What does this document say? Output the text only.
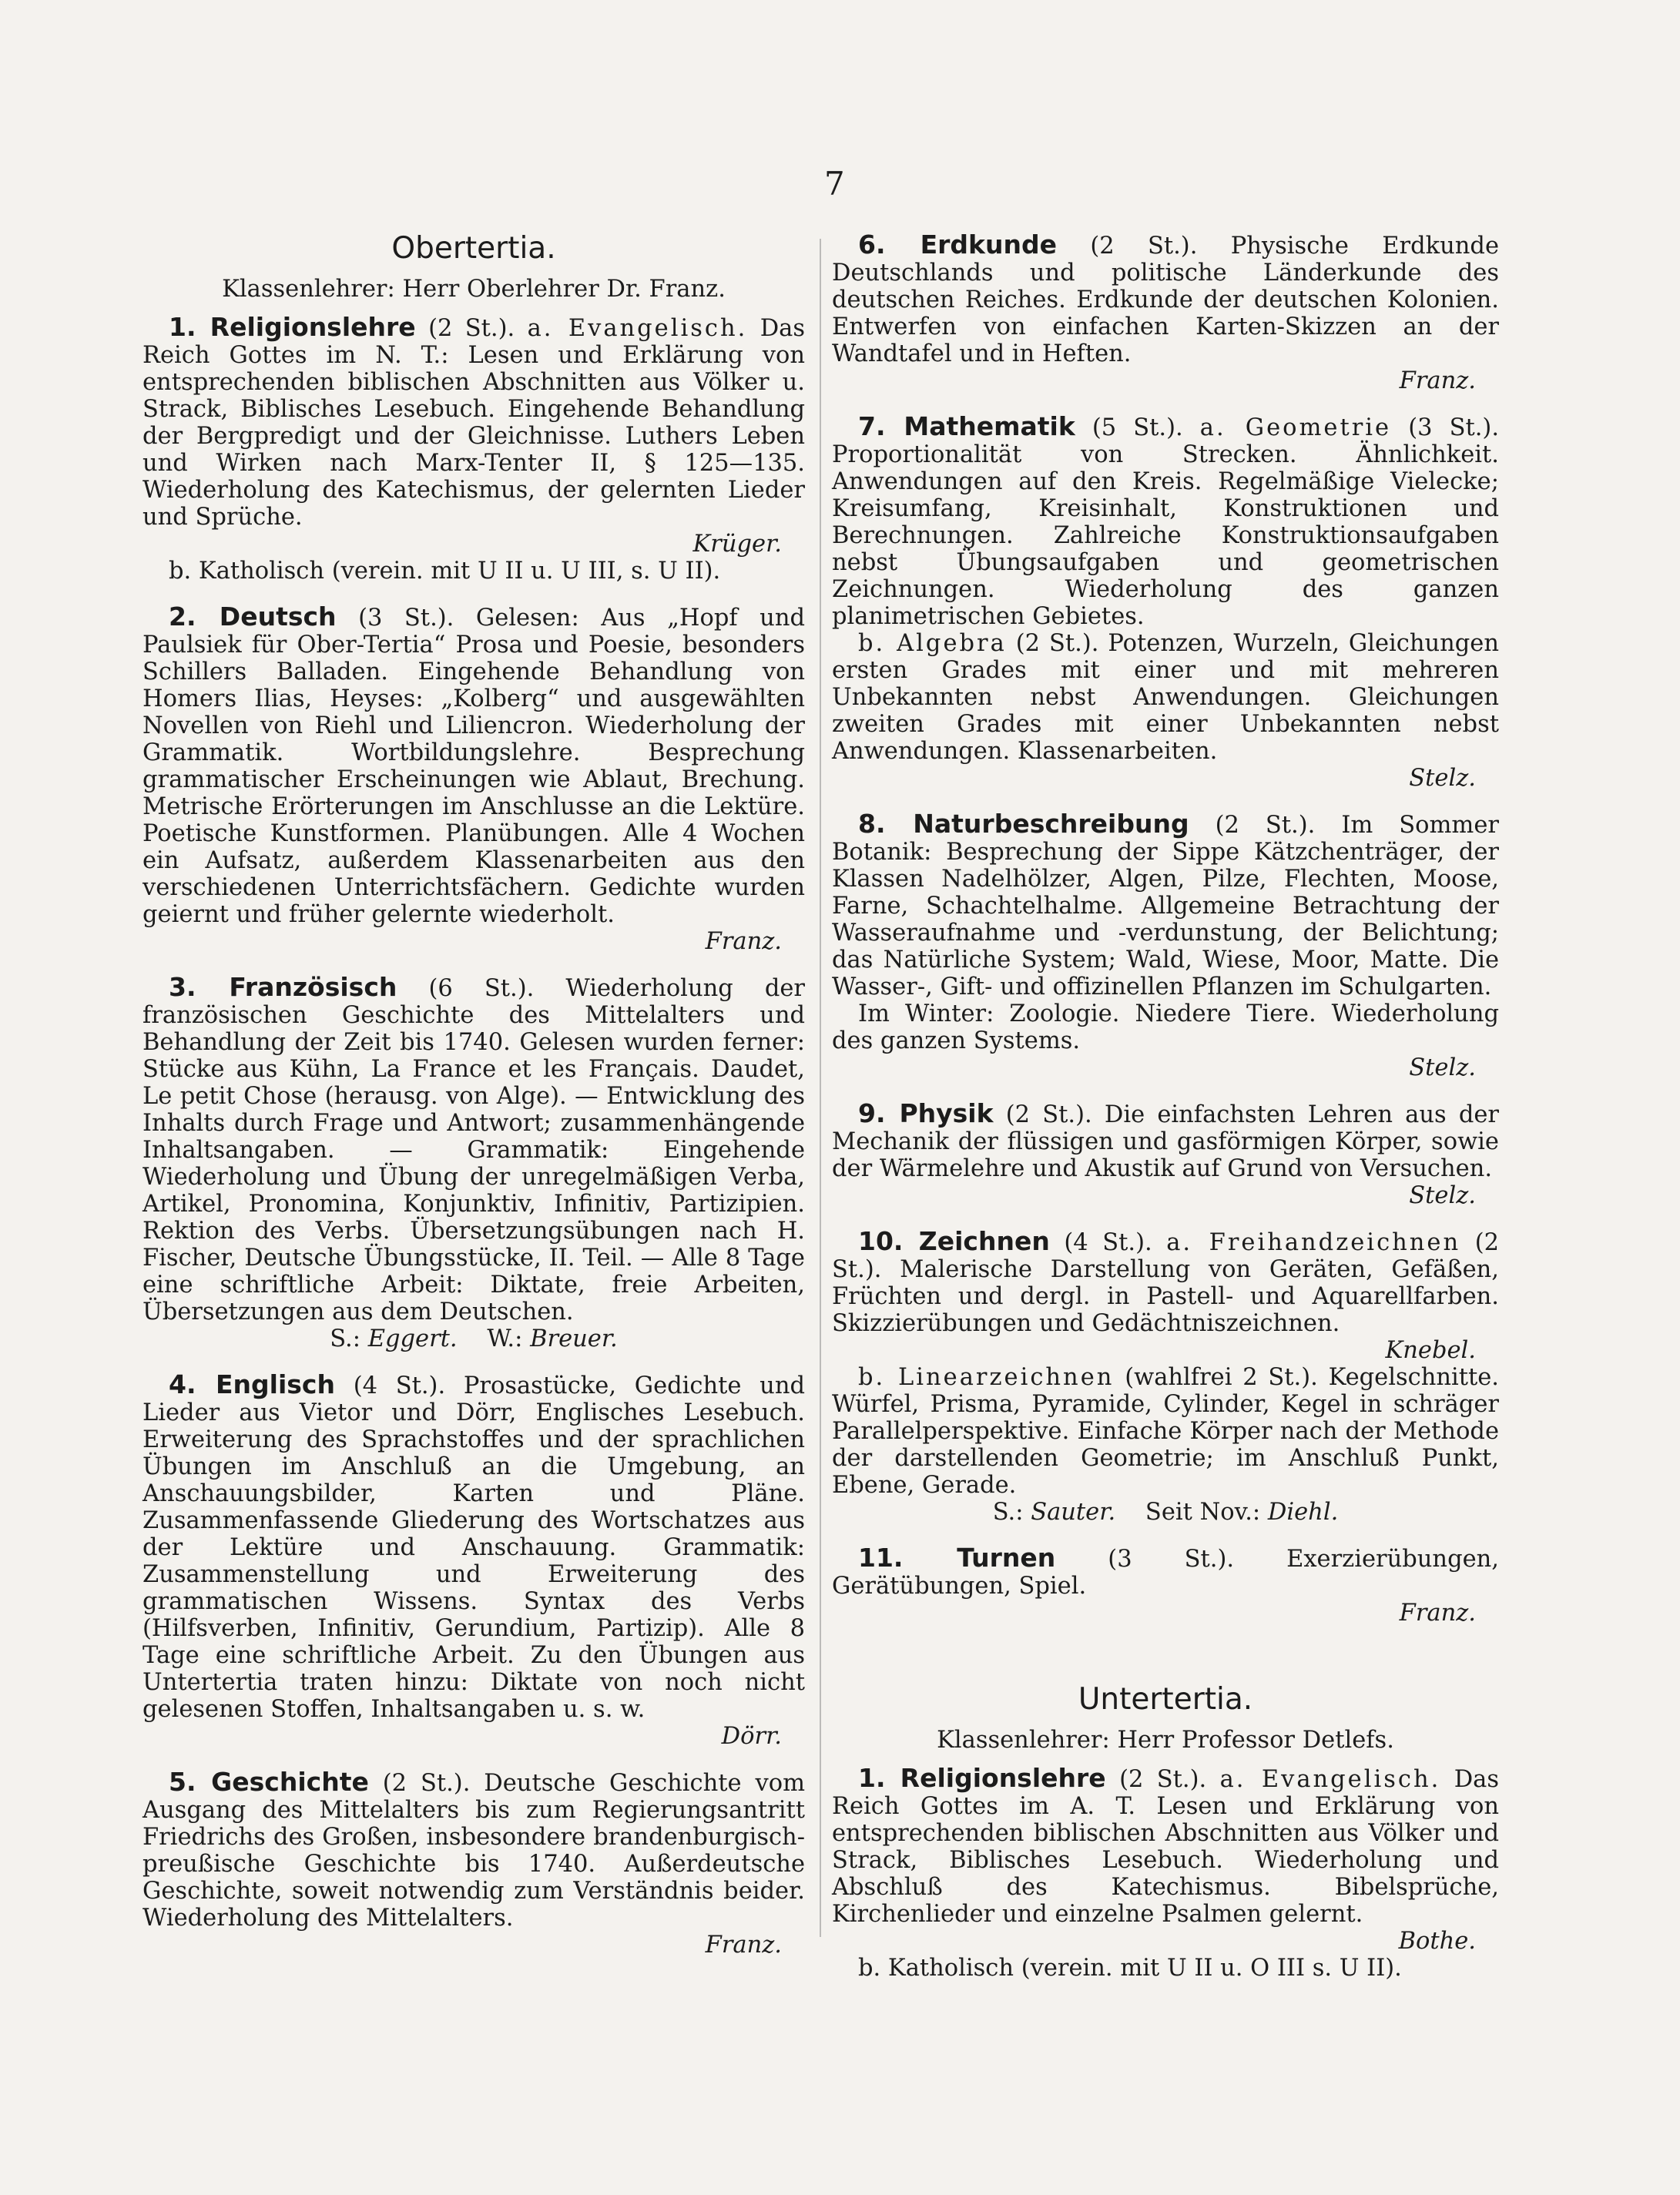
7
Obertertia.
Klassenlehrer: Herr Oberlehrer Dr. Franz.

1. Religionslehre (2 St.). a. Evangelisch. Das Reich Gottes im N. T.: Lesen und Erklärung von entsprechenden biblischen Abschnitten aus Völker u. Strack, Biblisches Lesebuch. Eingehende Behandlung der Bergpredigt und der Gleichnisse. Luthers Leben und Wirken nach Marx-Tenter II, § 125—135. Wiederholung des Katechismus, der gelernten Lieder und Sprüche.
Krüger.

b. Katholisch (verein. mit U II u. U III, s. U II).

2. Deutsch (3 St.). Gelesen: Aus „Hopf und Paulsiek für Ober-Tertia“ Prosa und Poesie, besonders Schillers Balladen. Eingehende Behandlung von Homers Ilias, Heyses: „Kolberg“ und ausgewählten Novellen von Riehl und Liliencron. Wiederholung der Grammatik. Wortbildungslehre. Besprechung grammatischer Erscheinungen wie Ablaut, Brechung. Metrische Erörterungen im Anschlusse an die Lektüre. Poetische Kunstformen. Planübungen. Alle 4 Wochen ein Aufsatz, außerdem Klassenarbeiten aus den verschiedenen Unterrichtsfächern. Gedichte wurden geiernt und früher gelernte wiederholt.
Franz.

3. Französisch (6 St.). Wiederholung der französischen Geschichte des Mittelalters und Behandlung der Zeit bis 1740. Gelesen wurden ferner: Stücke aus Kühn, La France et les Français. Daudet, Le petit Chose (herausg. von Alge). — Entwicklung des Inhalts durch Frage und Antwort; zusammenhängende Inhaltsangaben. — Grammatik: Eingehende Wiederholung und Übung der unregelmäßigen Verba, Artikel, Pronomina, Konjunktiv, Infinitiv, Partizipien. Rektion des Verbs. Übersetzungsübungen nach H. Fischer, Deutsche Übungsstücke, II. Teil. — Alle 8 Tage eine schriftliche Arbeit: Diktate, freie Arbeiten, Übersetzungen aus dem Deutschen.

S.: Eggert. W.: Breuer.

4. Englisch (4 St.). Prosastücke, Gedichte und Lieder aus Vietor und Dörr, Englisches Lesebuch. Erweiterung des Sprachstoffes und der sprachlichen Übungen im Anschluß an die Umgebung, an Anschauungsbilder, Karten und Pläne. Zusammenfassende Gliederung des Wortschatzes aus der Lektüre und Anschauung. Grammatik: Zusammenstellung und Erweiterung des grammatischen Wissens. Syntax des Verbs (Hilfsverben, Infinitiv, Gerundium, Partizip). Alle 8 Tage eine schriftliche Arbeit. Zu den Übungen aus Untertertia traten hinzu: Diktate von noch nicht gelesenen Stoffen, Inhaltsangaben u. s. w.
Dörr.

5. Geschichte (2 St.). Deutsche Geschichte vom Ausgang des Mittelalters bis zum Regierungsantritt Friedrichs des Großen, insbesondere brandenburgisch-preußische Geschichte bis 1740. Außerdeutsche Geschichte, soweit notwendig zum Verständnis beider. Wiederholung des Mittelalters.
Franz.

6. Erdkunde (2 St.). Physische Erdkunde Deutschlands und politische Länderkunde des deutschen Reiches. Erdkunde der deutschen Kolonien. Entwerfen von einfachen Karten-Skizzen an der Wandtafel und in Heften.
Franz.

7. Mathematik (5 St.). a. Geometrie (3 St.). Proportionalität von Strecken. Ähnlichkeit. Anwendungen auf den Kreis. Regelmäßige Vielecke; Kreisumfang, Kreisinhalt, Konstruktionen und Berechnungen. Zahlreiche Konstruktionsaufgaben nebst Übungsaufgaben und geometrischen Zeichnungen. Wiederholung des ganzen planimetrischen Gebietes.

b. Algebra (2 St.). Potenzen, Wurzeln, Gleichungen ersten Grades mit einer und mit mehreren Unbekannten nebst Anwendungen. Gleichungen zweiten Grades mit einer Unbekannten nebst Anwendungen. Klassenarbeiten.
Stelz.

8. Naturbeschreibung (2 St.). Im Sommer Botanik: Besprechung der Sippe Kätzchenträger, der Klassen Nadelhölzer, Algen, Pilze, Flechten, Moose, Farne, Schachtelhalme. Allgemeine Betrachtung der Wasseraufnahme und -verdunstung, der Belichtung; das Natürliche System; Wald, Wiese, Moor, Matte. Die Wasser-, Gift- und offizinellen Pflanzen im Schulgarten.

Im Winter: Zoologie. Niedere Tiere. Wiederholung des ganzen Systems.
Stelz.

9. Physik (2 St.). Die einfachsten Lehren aus der Mechanik der flüssigen und gasförmigen Körper, sowie der Wärmelehre und Akustik auf Grund von Versuchen.
Stelz.

10. Zeichnen (4 St.). a. Freihandzeichnen (2 St.). Malerische Darstellung von Geräten, Gefäßen, Früchten und dergl. in Pastell- und Aquarellfarben. Skizzierübungen und Gedächtniszeichnen.
Knebel.

b. Linearzeichnen (wahlfrei 2 St.). Kegelschnitte. Würfel, Prisma, Pyramide, Cylinder, Kegel in schräger Parallelperspektive. Einfache Körper nach der Methode der darstellenden Geometrie; im Anschluß Punkt, Ebene, Gerade.

S.: Sauter. Seit Nov.: Diehl.

11. Turnen (3 St.). Exerzierübungen, Gerätübungen, Spiel.
Franz.

Untertertia.
Klassenlehrer: Herr Professor Detlefs.

1. Religionslehre (2 St.). a. Evangelisch. Das Reich Gottes im A. T. Lesen und Erklärung von entsprechenden biblischen Abschnitten aus Völker und Strack, Biblisches Lesebuch. Wiederholung und Abschluß des Katechismus. Bibelsprüche, Kirchenlieder und einzelne Psalmen gelernt.
Bothe.

b. Katholisch (verein. mit U II u. O III s. U II).
